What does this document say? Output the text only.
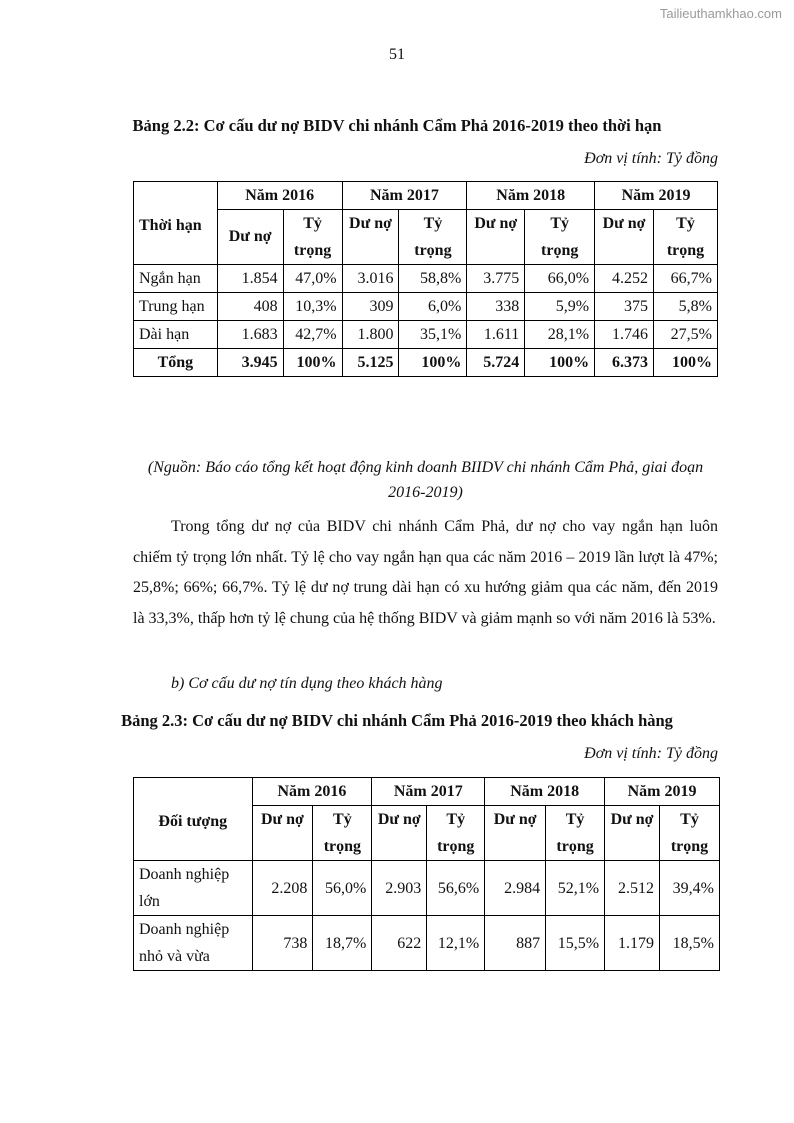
Tailieuthamkhao.com
51
Bảng 2.2: Cơ cấu dư nợ BIDV chi nhánh Cẩm Phả 2016-2019 theo thời hạn
Đơn vị tính: Tỷ đồng
Thời hạn	Năm 2016		Năm 2017		Năm 2018		Năm 2019	
	Dư nợ	Tỷ trọng	Dư nợ	Tỷ trọng	Dư nợ	Tỷ trọng	Dư nợ	Tỷ trọng
Ngắn hạn	1.854	47,0%	3.016	58,8%	3.775	66,0%	4.252	66,7%
Trung hạn	408	10,3%	309	6,0%	338	5,9%	375	5,8%
Dài hạn	1.683	42,7%	1.800	35,1%	1.611	28,1%	1.746	27,5%
Tổng	3.945	100%	5.125	100%	5.724	100%	6.373	100%
(Nguồn: Báo cáo tổng kết hoạt động kinh doanh BIIDV chi nhánh Cẩm Phả, giai đoạn 2016-2019)

Trong tổng dư nợ của BIDV chi nhánh Cẩm Phả, dư nợ cho vay ngắn hạn luôn chiếm tỷ trọng lớn nhất. Tỷ lệ cho vay ngắn hạn qua các năm 2016 – 2019 lần lượt là 47%; 25,8%; 66%; 66,7%. Tỷ lệ dư nợ trung dài hạn có xu hướng giảm qua các năm, đến 2019 là 33,3%, thấp hơn tỷ lệ chung của hệ thống BIDV và giảm mạnh so với năm 2016 là 53%.

b) Cơ cấu dư nợ tín dụng theo khách hàng
Bảng 2.3: Cơ cấu dư nợ BIDV chi nhánh Cẩm Phả 2016-2019 theo khách hàng
Đơn vị tính: Tỷ đồng
Đối tượng	Năm 2016		Năm 2017		Năm 2018		Năm 2019	
	Dư nợ	Tỷ trọng	Dư nợ	Tỷ trọng	Dư nợ	Tỷ trọng	Dư nợ	Tỷ trọng
Doanh nghiệp lớn	2.208	56,0%	2.903	56,6%	2.984	52,1%	2.512	39,4%
Doanh nghiệp nhỏ và vừa	738	18,7%	622	12,1%	887	15,5%	1.179	18,5%
